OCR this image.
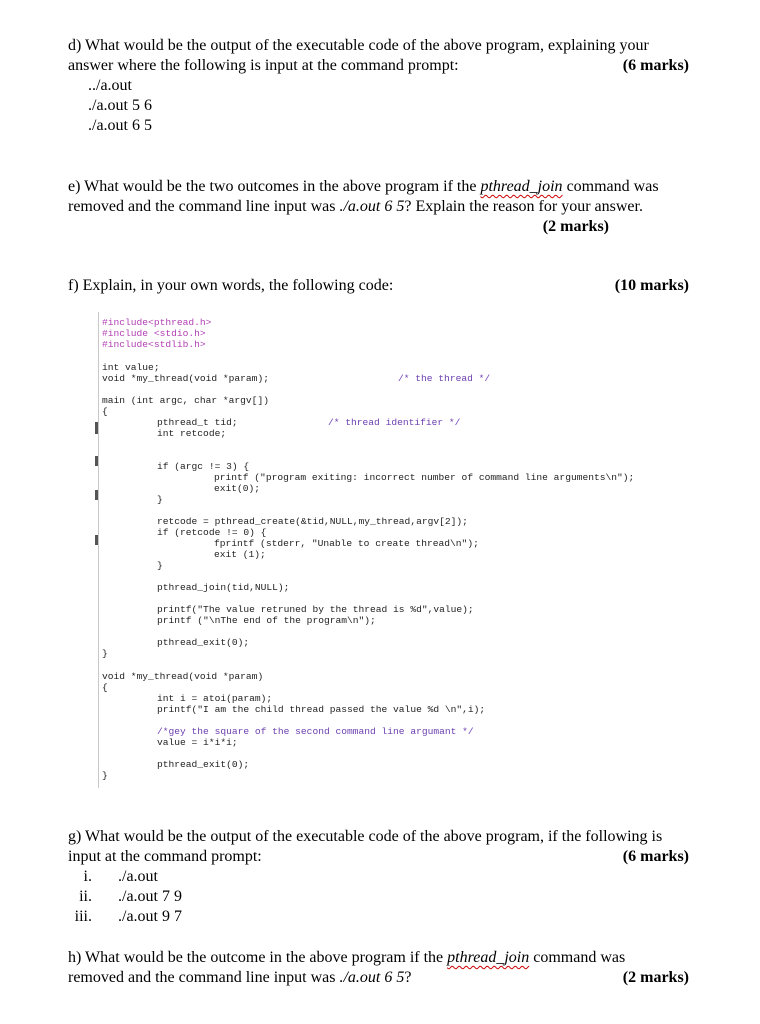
d) What would be the output of the executable code of the above program, explaining your
answer where the following is input at the command prompt:	(6 marks)
../a.out
./a.out 5 6
./a.out 6 5
e) What would be the two outcomes in the above program if the pthread_join command was
removed and the command line input was ./a.out 6 5? Explain the reason for your answer.
(2 marks)
f) Explain, in your own words, the following code:	(10 marks)
#include<pthread.h>
#include <stdio.h>
#include<stdlib.h>
int value;
void *my_thread(void *param);	/* the thread */
main (int argc, char *argv[])
{
pthread_t tid;	/* thread identifier */
int retcode;
if (argc != 3) {
printf ("program exiting: incorrect number of command line arguments\n");
exit(0);
}
retcode = pthread_create(&tid,NULL,my_thread,argv[2]);
if (retcode != 0) {
fprintf (stderr, "Unable to create thread\n");
exit (1);
}
pthread_join(tid,NULL);
printf("The value retruned by the thread is %d",value);
printf ("\nThe end of the program\n");
pthread_exit(0);
}
void *my_thread(void *param)
{
int i = atoi(param);
printf("I am the child thread passed the value %d \n",i);
/*gey the square of the second command line argumant */
value = i*i*i;
pthread_exit(0);
}
g) What would be the output of the executable code of the above program, if the following is
input at the command prompt:	(6 marks)
i. ./a.out
ii. ./a.out 7 9
iii. ./a.out 9 7
h) What would be the outcome in the above program if the pthread_join command was
removed and the command line input was ./a.out 6 5?	(2 marks)
